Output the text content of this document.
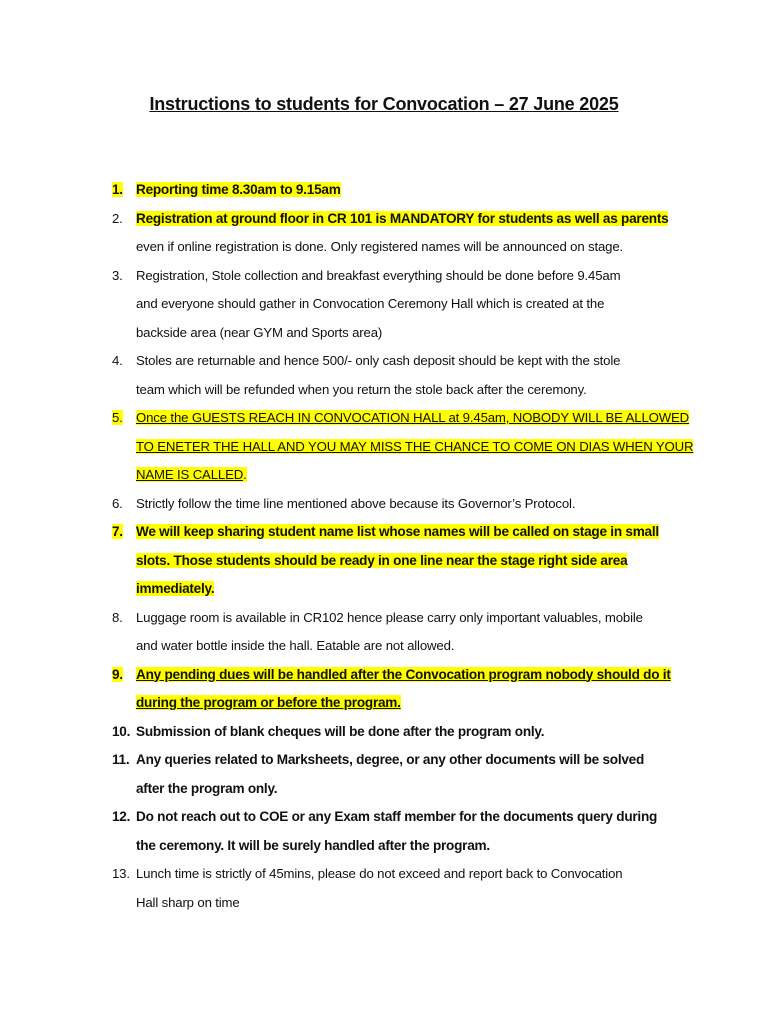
Instructions to students for Convocation – 27 June 2025
1. Reporting time 8.30am to 9.15am
2. Registration at ground floor in CR 101 is MANDATORY for students as well as parents
even if online registration is done. Only registered names will be announced on stage.
3.	Registration, Stole collection and breakfast everything should be done before 9.45am
and everyone should gather in Convocation Ceremony Hall which is created at the
backside area (near GYM and Sports area)
4.	Stoles are returnable and hence 500/- only cash deposit should be kept with the stole
team which will be refunded when you return the stole back after the ceremony.
5.	Once the GUESTS REACH IN CONVOCATION HALL at 9.45am, NOBODY WILL BE ALLOWED
TO ENETER THE HALL AND YOU MAY MISS THE CHANCE TO COME ON DIAS WHEN YOUR
NAME IS CALLED.
6.	Strictly follow the time line mentioned above because its Governor’s Protocol.
7. We will keep sharing student name list whose names will be called on stage in small
slots. Those students should be ready in one line near the stage right side area
immediately.
8.	Luggage room is available in CR102 hence please carry only important valuables, mobile
and water bottle inside the hall. Eatable are not allowed.
9. Any pending dues will be handled after the Convocation program nobody should do it
during the program or before the program.
10. Submission of blank cheques will be done after the program only.
11. Any queries related to Marksheets, degree, or any other documents will be solved
after the program only.
12. Do not reach out to COE or any Exam staff member for the documents query during
the ceremony. It will be surely handled after the program.
13. Lunch time is strictly of 45mins, please do not exceed and report back to Convocation
Hall sharp on time
